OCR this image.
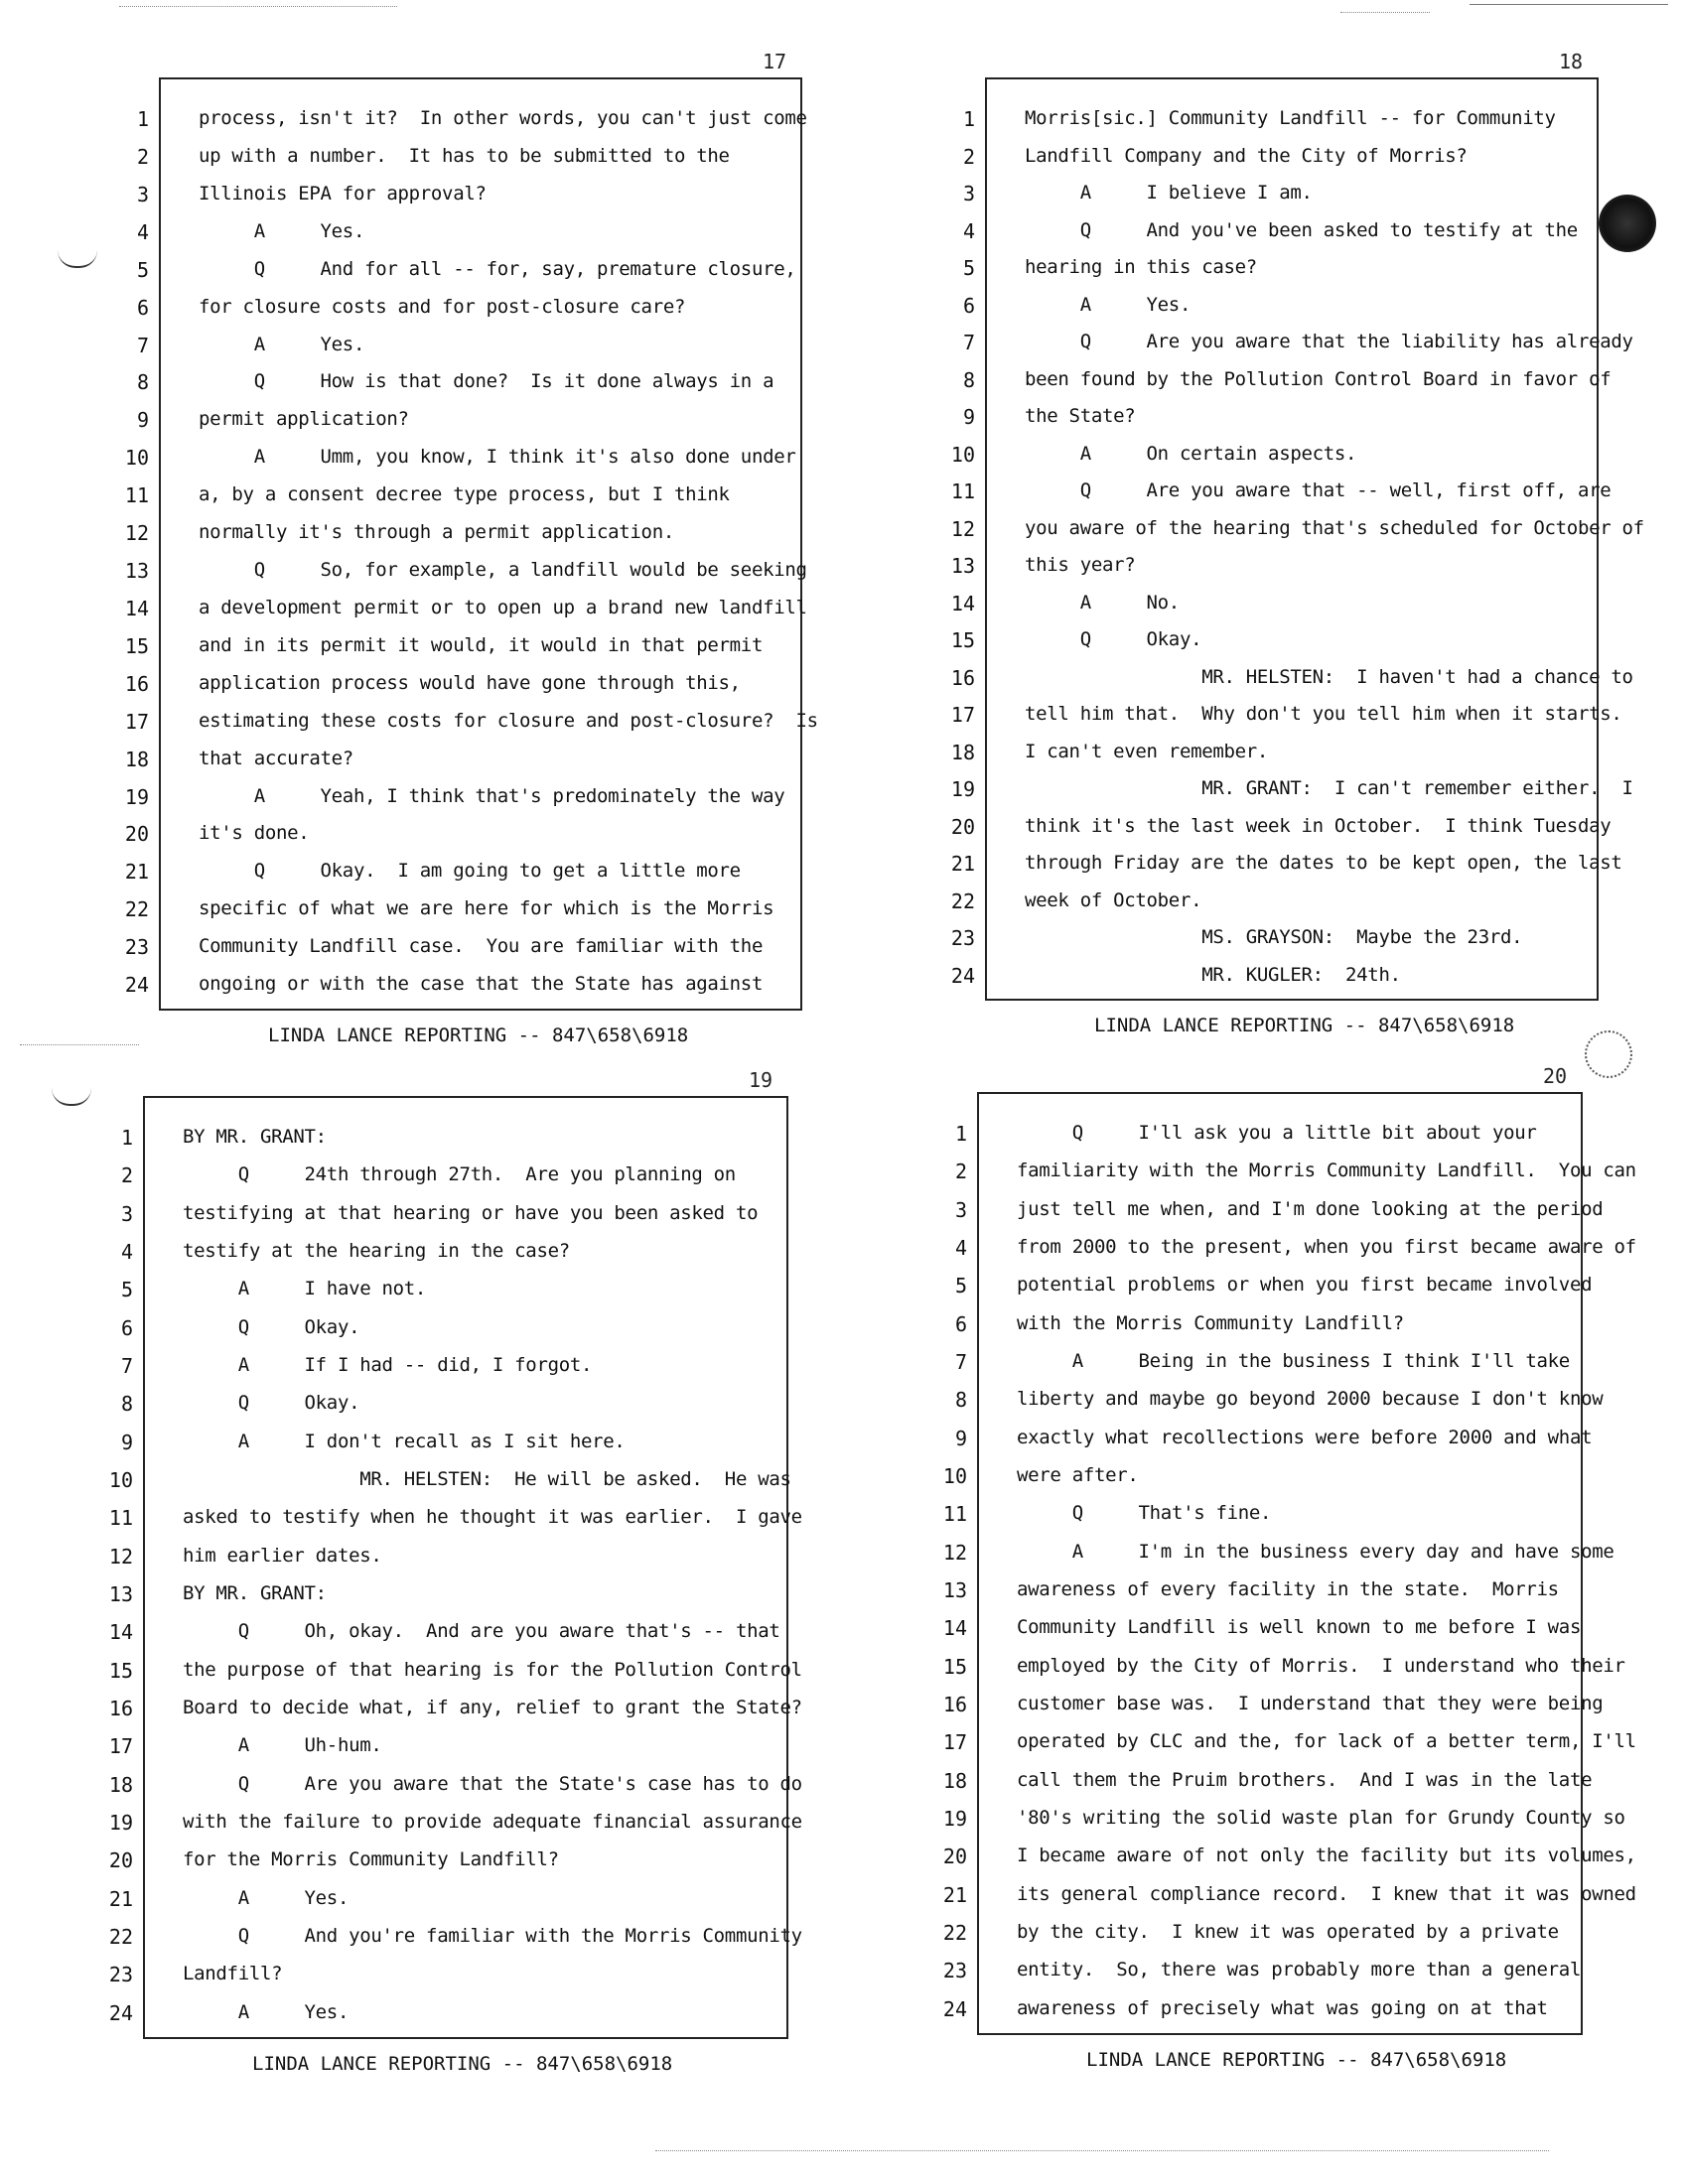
17
1	process, isn't it?  In other words, you can't just come
2	up with a number.  It has to be submitted to the
3	Illinois EPA for approval?
4	A     Yes.
5	Q     And for all -- for, say, premature closure,
6	for closure costs and for post-closure care?
7	A     Yes.
8	Q     How is that done?  Is it done always in a
9	permit application?
10	A     Umm, you know, I think it's also done under
11	a, by a consent decree type process, but I think
12	normally it's through a permit application.
13	Q     So, for example, a landfill would be seeking
14	a development permit or to open up a brand new landfill
15	and in its permit it would, it would in that permit
16	application process would have gone through this,
17	estimating these costs for closure and post-closure?  Is
18	that accurate?
19	A     Yeah, I think that's predominately the way
20	it's done.
21	Q     Okay.  I am going to get a little more
22	specific of what we are here for which is the Morris
23	Community Landfill case.  You are familiar with the
24	ongoing or with the case that the State has against
LINDA LANCE REPORTING -- 847\658\6918
18
1	Morris[sic.] Community Landfill -- for Community
2	Landfill Company and the City of Morris?
3	A     I believe I am.
4	Q     And you've been asked to testify at the
5	hearing in this case?
6	A     Yes.
7	Q     Are you aware that the liability has already
8	been found by the Pollution Control Board in favor of
9	the State?
10	A     On certain aspects.
11	Q     Are you aware that -- well, first off, are
12	you aware of the hearing that's scheduled for October of
13	this year?
14	A     No.
15	Q     Okay.
16	MR. HELSTEN:  I haven't had a chance to
17	tell him that.  Why don't you tell him when it starts.
18	I can't even remember.
19	MR. GRANT:  I can't remember either.  I
20	think it's the last week in October.  I think Tuesday
21	through Friday are the dates to be kept open, the last
22	week of October.
23	MS. GRAYSON:  Maybe the 23rd.
24	MR. KUGLER:  24th.
LINDA LANCE REPORTING -- 847\658\6918
19
1	BY MR. GRANT:
2	Q     24th through 27th.  Are you planning on
3	testifying at that hearing or have you been asked to
4	testify at the hearing in the case?
5	A     I have not.
6	Q     Okay.
7	A     If I had -- did, I forgot.
8	Q     Okay.
9	A     I don't recall as I sit here.
10	MR. HELSTEN:  He will be asked.  He was
11	asked to testify when he thought it was earlier.  I gave
12	him earlier dates.
13	BY MR. GRANT:
14	Q     Oh, okay.  And are you aware that's -- that
15	the purpose of that hearing is for the Pollution Control
16	Board to decide what, if any, relief to grant the State?
17	A     Uh-hum.
18	Q     Are you aware that the State's case has to do
19	with the failure to provide adequate financial assurance
20	for the Morris Community Landfill?
21	A     Yes.
22	Q     And you're familiar with the Morris Community
23	Landfill?
24	A     Yes.
LINDA LANCE REPORTING -- 847\658\6918
20
1	Q     I'll ask you a little bit about your
2	familiarity with the Morris Community Landfill.  You can
3	just tell me when, and I'm done looking at the period
4	from 2000 to the present, when you first became aware of
5	potential problems or when you first became involved
6	with the Morris Community Landfill?
7	A     Being in the business I think I'll take
8	liberty and maybe go beyond 2000 because I don't know
9	exactly what recollections were before 2000 and what
10	were after.
11	Q     That's fine.
12	A     I'm in the business every day and have some
13	awareness of every facility in the state.  Morris
14	Community Landfill is well known to me before I was
15	employed by the City of Morris.  I understand who their
16	customer base was.  I understand that they were being
17	operated by CLC and the, for lack of a better term, I'll
18	call them the Pruim brothers.  And I was in the late
19	'80's writing the solid waste plan for Grundy County so
20	I became aware of not only the facility but its volumes,
21	its general compliance record.  I knew that it was owned
22	by the city.  I knew it was operated by a private
23	entity.  So, there was probably more than a general
24	awareness of precisely what was going on at that
LINDA LANCE REPORTING -- 847\658\6918
